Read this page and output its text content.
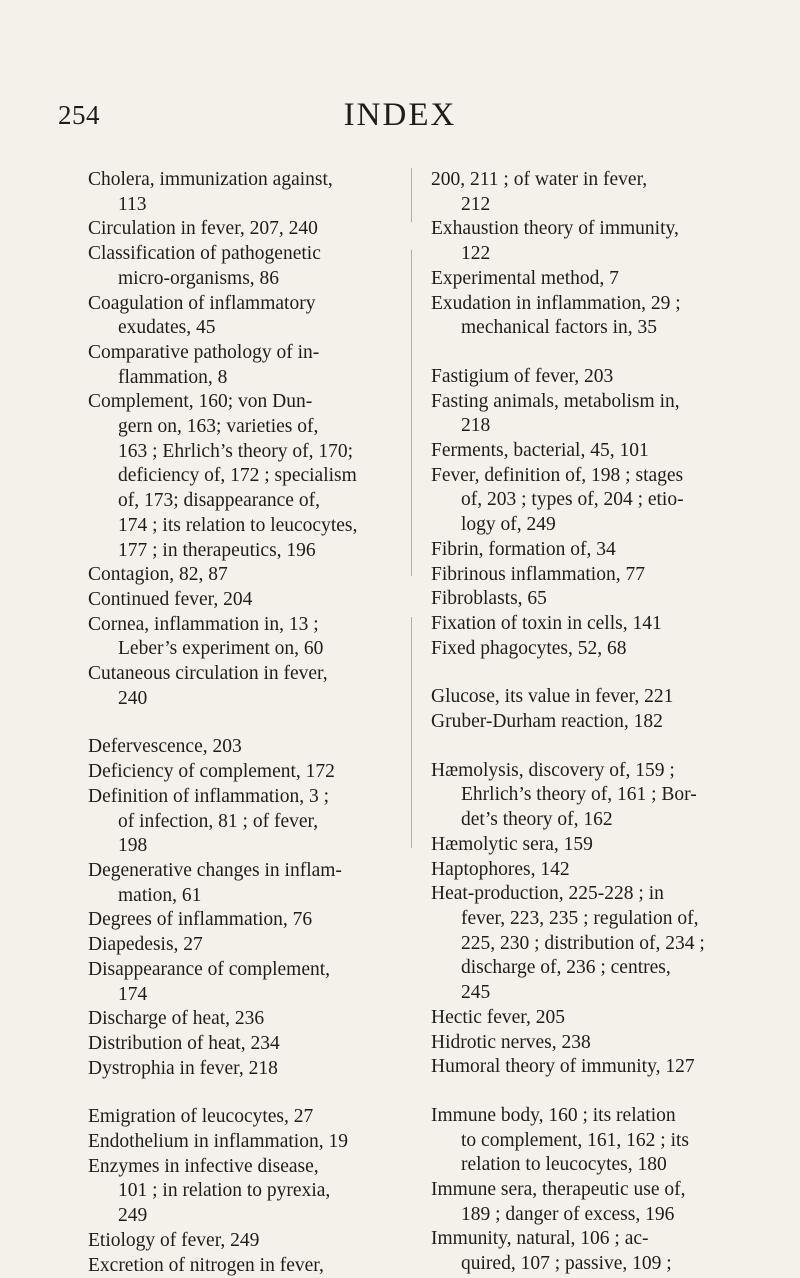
254	INDEX
Cholera, immunization against,
113
Circulation in fever, 207, 240
Classification of pathogenetic
micro-organisms, 86
Coagulation of inflammatory
exudates, 45
Comparative pathology of in-
flammation, 8
Complement, 160; von Dun-
gern on, 163; varieties of,
163 ; Ehrlich’s theory of, 170;
deficiency of, 172 ; specialism
of, 173; disappearance of,
174 ; its relation to leucocytes,
177 ; in therapeutics, 196
Contagion, 82, 87
Continued fever, 204
Cornea, inflammation in, 13 ;
Leber’s experiment on, 60
Cutaneous circulation in fever,
240
Defervescence, 203
Deficiency of complement, 172
Definition of inflammation, 3 ;
of infection, 81 ; of fever,
198
Degenerative changes in inflam-
mation, 61
Degrees of inflammation, 76
Diapedesis, 27
Disappearance of complement,
174
Discharge of heat, 236
Distribution of heat, 234
Dystrophia in fever, 218
Emigration of leucocytes, 27
Endothelium in inflammation, 19
Enzymes in infective disease,
101 ; in relation to pyrexia,
249
Etiology of fever, 249
Excretion of nitrogen in fever,
200, 211 ; of water in fever,
212
Exhaustion theory of immunity,
122
Experimental method, 7
Exudation in inflammation, 29 ;
mechanical factors in, 35
Fastigium of fever, 203
Fasting animals, metabolism in,
218
Ferments, bacterial, 45, 101
Fever, definition of, 198 ; stages
of, 203 ; types of, 204 ; etio-
logy of, 249
Fibrin, formation of, 34
Fibrinous inflammation, 77
Fibroblasts, 65
Fixation of toxin in cells, 141
Fixed phagocytes, 52, 68
Glucose, its value in fever, 221
Gruber-Durham reaction, 182
Hæmolysis, discovery of, 159 ;
Ehrlich’s theory of, 161 ; Bor-
det’s theory of, 162
Hæmolytic sera, 159
Haptophores, 142
Heat-production, 225-228 ; in
fever, 223, 235 ; regulation of,
225, 230 ; distribution of, 234 ;
discharge of, 236 ; centres,
245
Hectic fever, 205
Hidrotic nerves, 238
Humoral theory of immunity, 127
Immune body, 160 ; its relation
to complement, 161, 162 ; its
relation to leucocytes, 180
Immune sera, therapeutic use of,
189 ; danger of excess, 196
Immunity, natural, 106 ; ac-
quired, 107 ; passive, 109 ;
